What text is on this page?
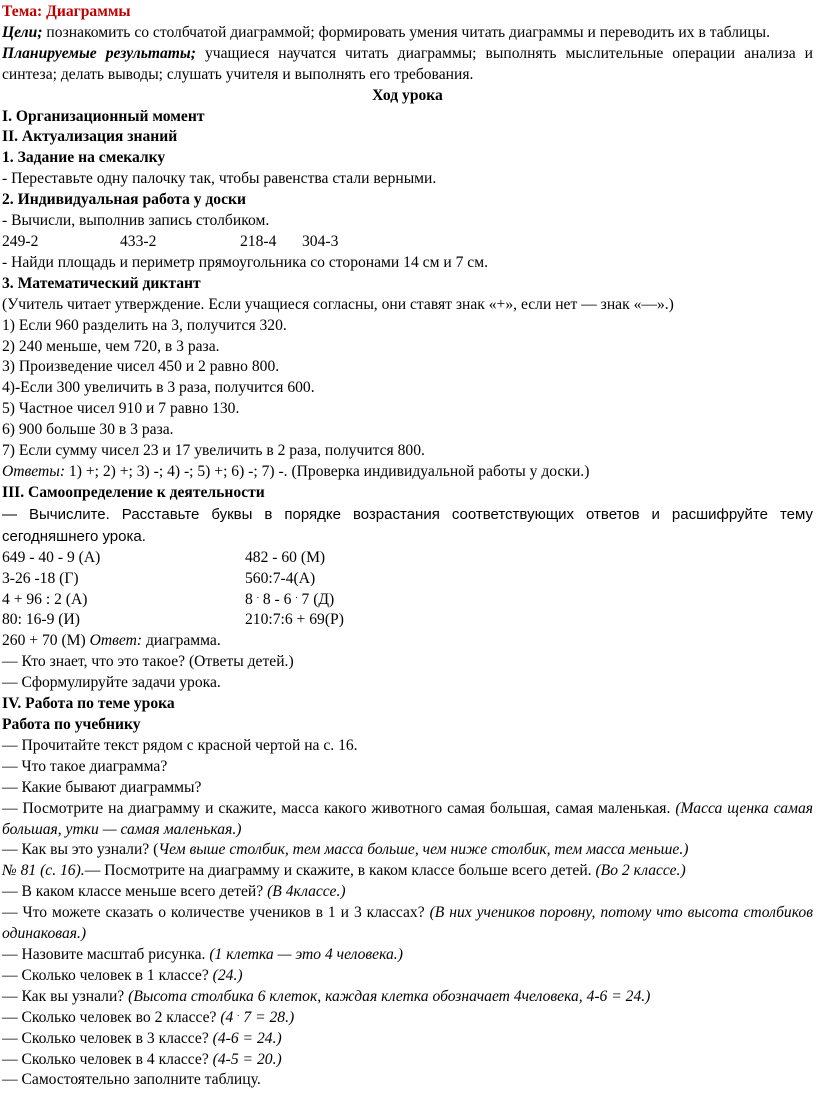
Тема: Диаграммы

Цели; познакомить со столбчатой диаграммой; формировать умения читать диаграммы и переводить их в таблицы.

Планируемые результаты; учащиеся научатся читать диаграммы; выполнять мыслительные операции анализа и синтеза; делать выводы; слушать учителя и выполнять его требования.

Ход урока

I. Организационный момент

II. Актуализация знаний

1. Задание на смекалку

- Переставьте одну палочку так, чтобы равенства стали верными.

2. Индивидуальная работа у доски

- Вычисли, выполнив запись столбиком.

249-2	433-2	218-4	304-3

- Найди площадь и периметр прямоугольника со сторонами 14 см и 7 см.

3. Математический диктант

(Учитель читает утверждение. Если учащиеся согласны, они ставят знак «+», если нет — знак «—».)

1) Если 960 разделить на 3, получится 320.

2) 240 меньше, чем 720, в 3 раза.

3) Произведение чисел 450 и 2 равно 800.

4)-Если 300 увеличить в 3 раза, получится 600.

5) Частное чисел 910 и 7 равно 130.

6) 900 больше 30 в 3 раза.

7) Если сумму чисел 23 и 17 увеличить в 2 раза, получится 800.

Ответы: 1) +; 2) +; 3) -; 4) -; 5) +; 6) -; 7) -. (Проверка индивидуальной работы у доски.)

III. Самоопределение к деятельности

— Вычислите. Расставьте буквы в порядке возрастания соответствующих ответов и расшифруйте тему сегодняшнего урока.

649 - 40 - 9 (А)	482 - 60 (М)
3-26 -18 (Г)	560:7-4(А)
4 + 96 : 2 (А)	8 . 8 - 6 . 7 (Д)
80: 16-9 (И)	210:7:6 + 69(Р)

260 + 70 (М) Ответ: диаграмма.

— Кто знает, что это такое? (Ответы детей.)

— Сформулируйте задачи урока.

IV. Работа по теме урока

Работа по учебнику

— Прочитайте текст рядом с красной чертой на с. 16.

— Что такое диаграмма?

— Какие бывают диаграммы?

— Посмотрите на диаграмму и скажите, масса какого животного самая большая, самая маленькая. (Масса щенка самая большая, утки — самая маленькая.)

— Как вы это узнали? (Чем выше столбик, тем масса больше, чем ниже столбик, тем масса меньше.)

№ 81 (с. 16).— Посмотрите на диаграмму и скажите, в каком классе больше всего детей. (Во 2 классе.)

— В каком классе меньше всего детей? (В 4классе.)

— Что можете сказать о количестве учеников в 1 и 3 классах? (В них учеников поровну, потому что высота столбиков одинаковая.)

— Назовите масштаб рисунка. (1 клетка — это 4 человека.)

— Сколько человек в 1 классе? (24.)

— Как вы узнали? (Высота столбика 6 клеток, каждая клетка обозначает 4человека, 4-6 = 24.)

— Сколько человек во 2 классе? (4 . 7 = 28.)

— Сколько человек в 3 классе? (4-6 = 24.)

— Сколько человек в 4 классе? (4-5 = 20.)

— Самостоятельно заполните таблицу.
